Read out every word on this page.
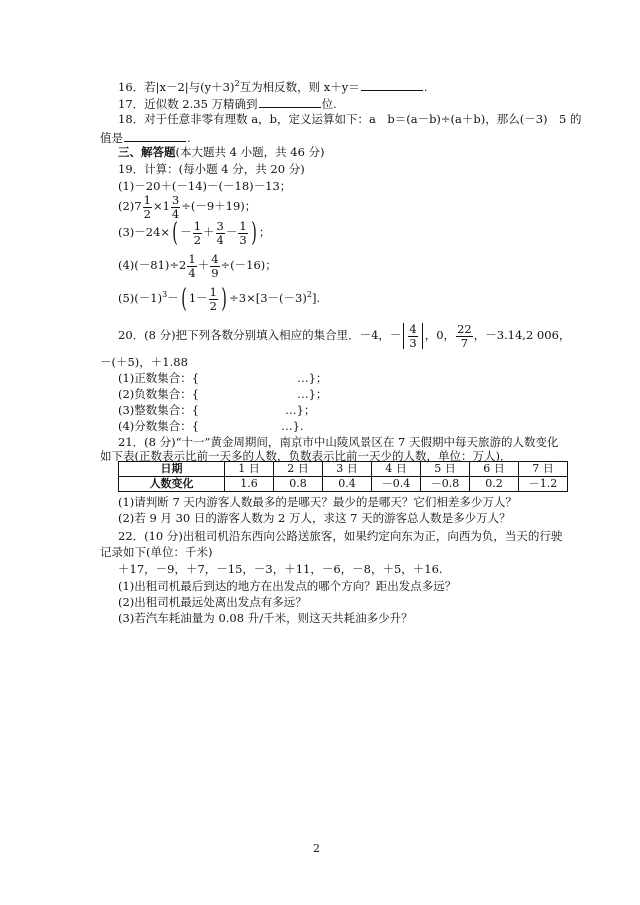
16．若|x－2|与$(y+3)^2$互为相反数，则 x＋y＝	.
17．近似数 2.35 万精确到	位.
18．对于任意非零有理数 a，b，定义运算如下：a　b＝(a－b)÷(a＋b)，那么(－3)　5 的
值是	.
三、解答题(本大题共 4 小题，共 46 分)
19．计算：(每小题 4 分，共 20 分)
(1)－20＋(－14)－(－18)－13；
$(2)7 \frac{1}{2} \times 1 \frac{3}{4} \div(-9+19)$；
$(3)-24\times( - \frac{1}{2} + \frac{3}{4} - \frac{1}{3}$ ) ；
$(4)(-81)\div 2 \frac{1}{4} + \frac{4}{9} \div(-16)$；
$(5)(-1)^3-$( $1- \frac{1}{2}$ ) $\div 3\times[3-(-3)^2]$.
20．(8 分)把下列各数分别填入相应的集合里．－4，－ $\frac{4}{3}$ ，0， $\frac{22}{7}$ ，－3.14,2 006，
－(＋5)，＋1.88
(1)正数集合：{	…}；
(2)负数集合：{	…}；
(3)整数集合：{	…}；
(4)分数集合：{	…}.
21．(8 分)“十一”黄金周期间，南京市中山陵风景区在 7 天假期中每天旅游的人数变化
如下表(正数表示比前一天多的人数，负数表示比前一天少的人数，单位：万人)．
日期	1 日	2 日	3 日	4 日	5 日	6 日	7 日
人数变化	1.6	0.8	0.4	－0.4	－0.8	0.2	－1.2
(1)请判断 7 天内游客人数最多的是哪天？最少的是哪天？它们相差多少万人？
(2)若 9 月 30 日的游客人数为 2 万人，求这 7 天的游客总人数是多少万人？
22．(10 分)出租司机沿东西向公路送旅客，如果约定向东为正，向西为负，当天的行驶
记录如下(单位：千米)
＋17，－9，＋7，－15，－3，＋11，－6，－8，＋5，＋16.
(1)出租司机最后到达的地方在出发点的哪个方向？距出发点多远？
(2)出租司机最远处离出发点有多远？
(3)若汽车耗油量为 0.08 升/千米，则这天共耗油多少升？
2
